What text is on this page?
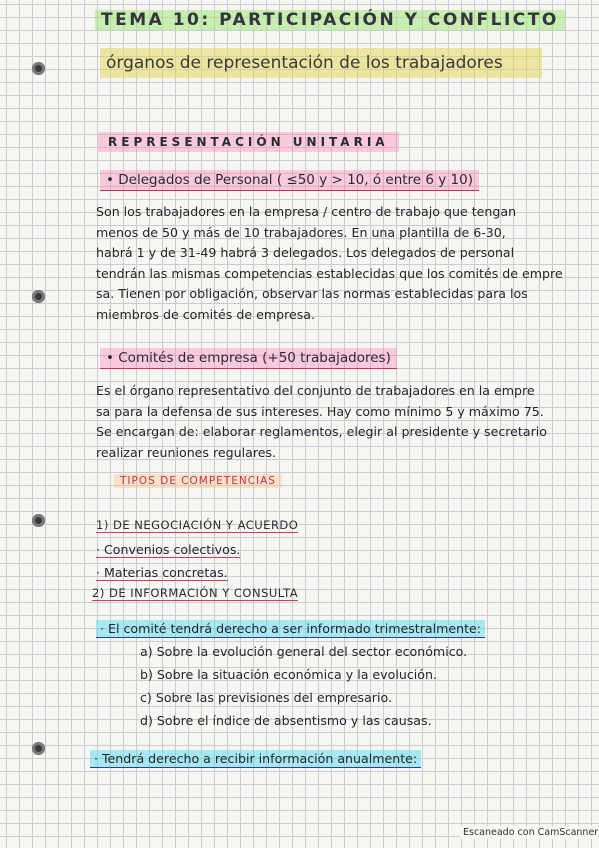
TEMA 10: PARTICIPACIÓN Y CONFLICTO
órganos de representación de los trabajadores
REPRESENTACIÓN UNITARIA
• Delegados de Personal ( ≤50 y > 10, ó entre 6 y 10)
Son los trabajadores en la empresa / centro de trabajo que tengan
menos de 50 y más de 10 trabajadores. En una plantilla de 6-30,
habrá 1 y de 31-49 habrá 3 delegados. Los delegados de personal
tendrán las mismas competencias establecidas que los comités de empre
sa. Tienen por obligación, observar las normas establecidas para los
miembros de comités de empresa.
• Comités de empresa (+50 trabajadores)
Es el órgano representativo del conjunto de trabajadores en la empre
sa para la defensa de sus intereses. Hay como mínimo 5 y máximo 75.
Se encargan de: elaborar reglamentos, elegir al presidente y secretario
realizar reuniones regulares.
TIPOS DE COMPETENCIAS
1) DE NEGOCIACIÓN Y ACUERDO
· Convenios colectivos.
· Materias concretas.
2) DE INFORMACIÓN Y CONSULTA
· El comité tendrá derecho a ser informado trimestralmente:
a) Sobre la evolución general del sector económico.
b) Sobre la situación económica y la evolución.
c) Sobre las previsiones del empresario.
d) Sobre el índice de absentismo y las causas.
· Tendrá derecho a recibir información anualmente:
Escaneado con CamScanner
